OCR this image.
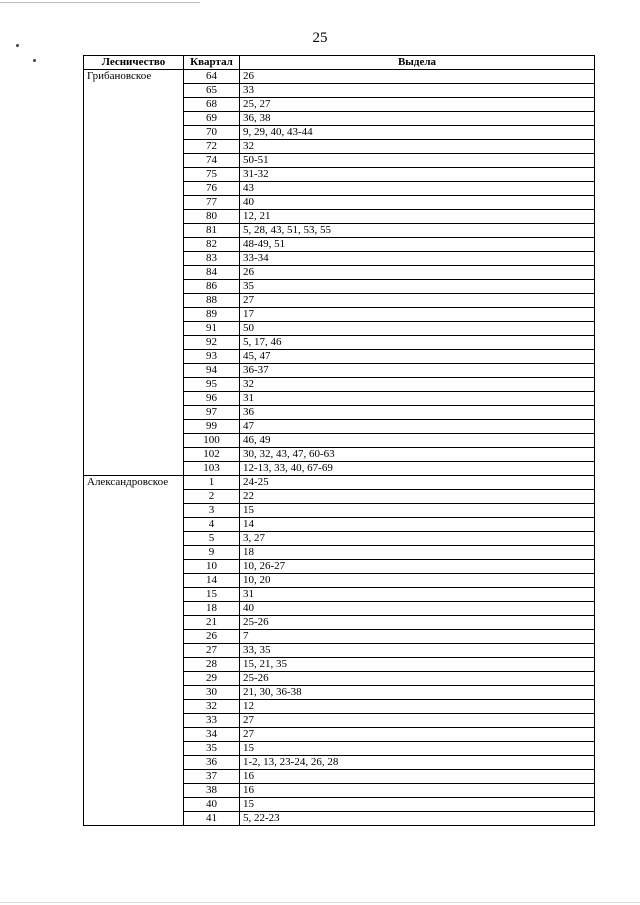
25
Лесничество	Квартал	Выдела
Грибановское	64	26
	65	33
	68	25, 27
	69	36, 38
	70	9, 29, 40, 43-44
	72	32
	74	50-51
	75	31-32
	76	43
	77	40
	80	12, 21
	81	5, 28, 43, 51, 53, 55
	82	48-49, 51
	83	33-34
	84	26
	86	35
	88	27
	89	17
	91	50
	92	5, 17, 46
	93	45, 47
	94	36-37
	95	32
	96	31
	97	36
	99	47
	100	46, 49
	102	30, 32, 43, 47, 60-63
	103	12-13, 33, 40, 67-69
Александровское	1	24-25
	2	22
	3	15
	4	14
	5	3, 27
	9	18
	10	10, 26-27
	14	10, 20
	15	31
	18	40
	21	25-26
	26	7
	27	33, 35
	28	15, 21, 35
	29	25-26
	30	21, 30, 36-38
	32	12
	33	27
	34	27
	35	15
	36	1-2, 13, 23-24, 26, 28
	37	16
	38	16
	40	15
	41	5, 22-23
